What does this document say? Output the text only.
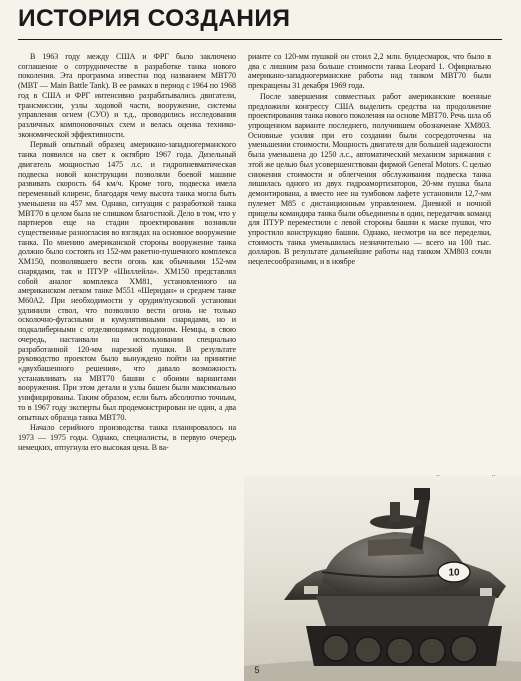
ИСТОРИЯ СОЗДАНИЯ

В 1963 году между США и ФРГ было заключено соглашение о сотрудничестве в разработке танка нового поколения. Эта программа известна под названием МВТ70 (МВТ — Main Battle Tank). В ее рамках в период с 1964 по 1968 год в США и ФРГ интенсивно разрабатывались двигатели, трансмиссии, узлы ходовой части, вооружение, системы управления огнем (СУО) и т.д., проводились исследования различных компоновочных схем и велась оценка технико-экономической эффективности.

Первый опытный образец американо-западногерманского танка появился на свет к октябрю 1967 года. Дизельный двигатель мощностью 1475 л.с. и гидропневматическая подвеска новой конструкции позволяли боевой машине развивать скорость 64 км/ч. Кроме того, подвеска имела переменный клиренс, благодаря чему высота танка могла быть уменьшена на 457 мм. Однако, ситуация с разработкой танка МВТ70 в целом была не слишком благостной. Дело в том, что у партнеров еще на стадии проектирования возникли существенные разногласия во взглядах на основное вооружение танка. По мнению американской стороны вооружение танка должно было состоять из 152-мм ракетно-пушечного комплекса ХМ150, позволявшего вести огонь как обычными 152-мм снарядами, так и ПТУР «Шиллейла». ХМ150 представлял собой аналог комплекса ХМ81, установленного на американском легком танке М551 «Шеридан» и среднем танке М60А2. При необходимости у орудия/пусковой установки удлинили ствол, что позволило вести огонь не только осколочно-фугасными и кумулятивными снарядами, но и подкалиберными с отделяющимся поддоном. Немцы, в свою очередь, настаивали на использовании специально разработанной 120-мм нарезной пушки. В результате руководство проектом было вынуждено пойти на принятие «двухбашенного решения», что давало возможность устанавливать на МВТ70 башни с обоими вариантами вооружения. При этом детали и узлы башен были максимально унифицированы. Таким образом, если быть абсолютно точным, то в 1967 году эксперты был продемонстрирован не один, а два опытных образца танка МВТ70.

Начало серийного производства танка планировалось на 1973 — 1975 годы. Однако, специалисты, в первую очередь немецких, отпугнула его высокая цена. В ва-

рианте со 120-мм пушкой он стоил 2,2 млн. бундесмарок, что было в два с лишним раза больше стоимости танка Leopard 1. Официально американо-западногерманские работы над танком МВТ70 были прекращены 31 декабря 1969 года.

После завершения совместных работ американские военные предложили конгрессу США выделить средства на продолжение проектирования танка нового поколения на основе МВТ70. Речь шла об упрощенном варианте последнего, получившем обозначение ХМ803. Основные усилия при его создании были сосредоточены на уменьшении стоимости. Мощность двигателя для большей надежности была уменьшена до 1250 л.с., автоматический механизм заряжания с этой же целью был усовершенствован фирмой General Motors. С целью снижения стоимости и облегчения обслуживания подвеска танка лишилась одного из двух гидроамортизаторов, 20-мм пушка была демонтирована, а вместо нее на тумбовом лафете установили 12,7-мм пулемет М85 с дистанционным управлением. Дневной и ночной прицелы командира танка были объединены в один, передатчик команд для ПТУР переместили с левой стороны башни к маске пушки, что упростило конструкцию башни. Однако, несмотря на все переделки, стоимость танка уменьшилась незначительно — всего на 100 тыс. долларов. В результате дальнейшие работы над танком ХМ803 сочли нецелесообразными, и в ноябре

10
5
